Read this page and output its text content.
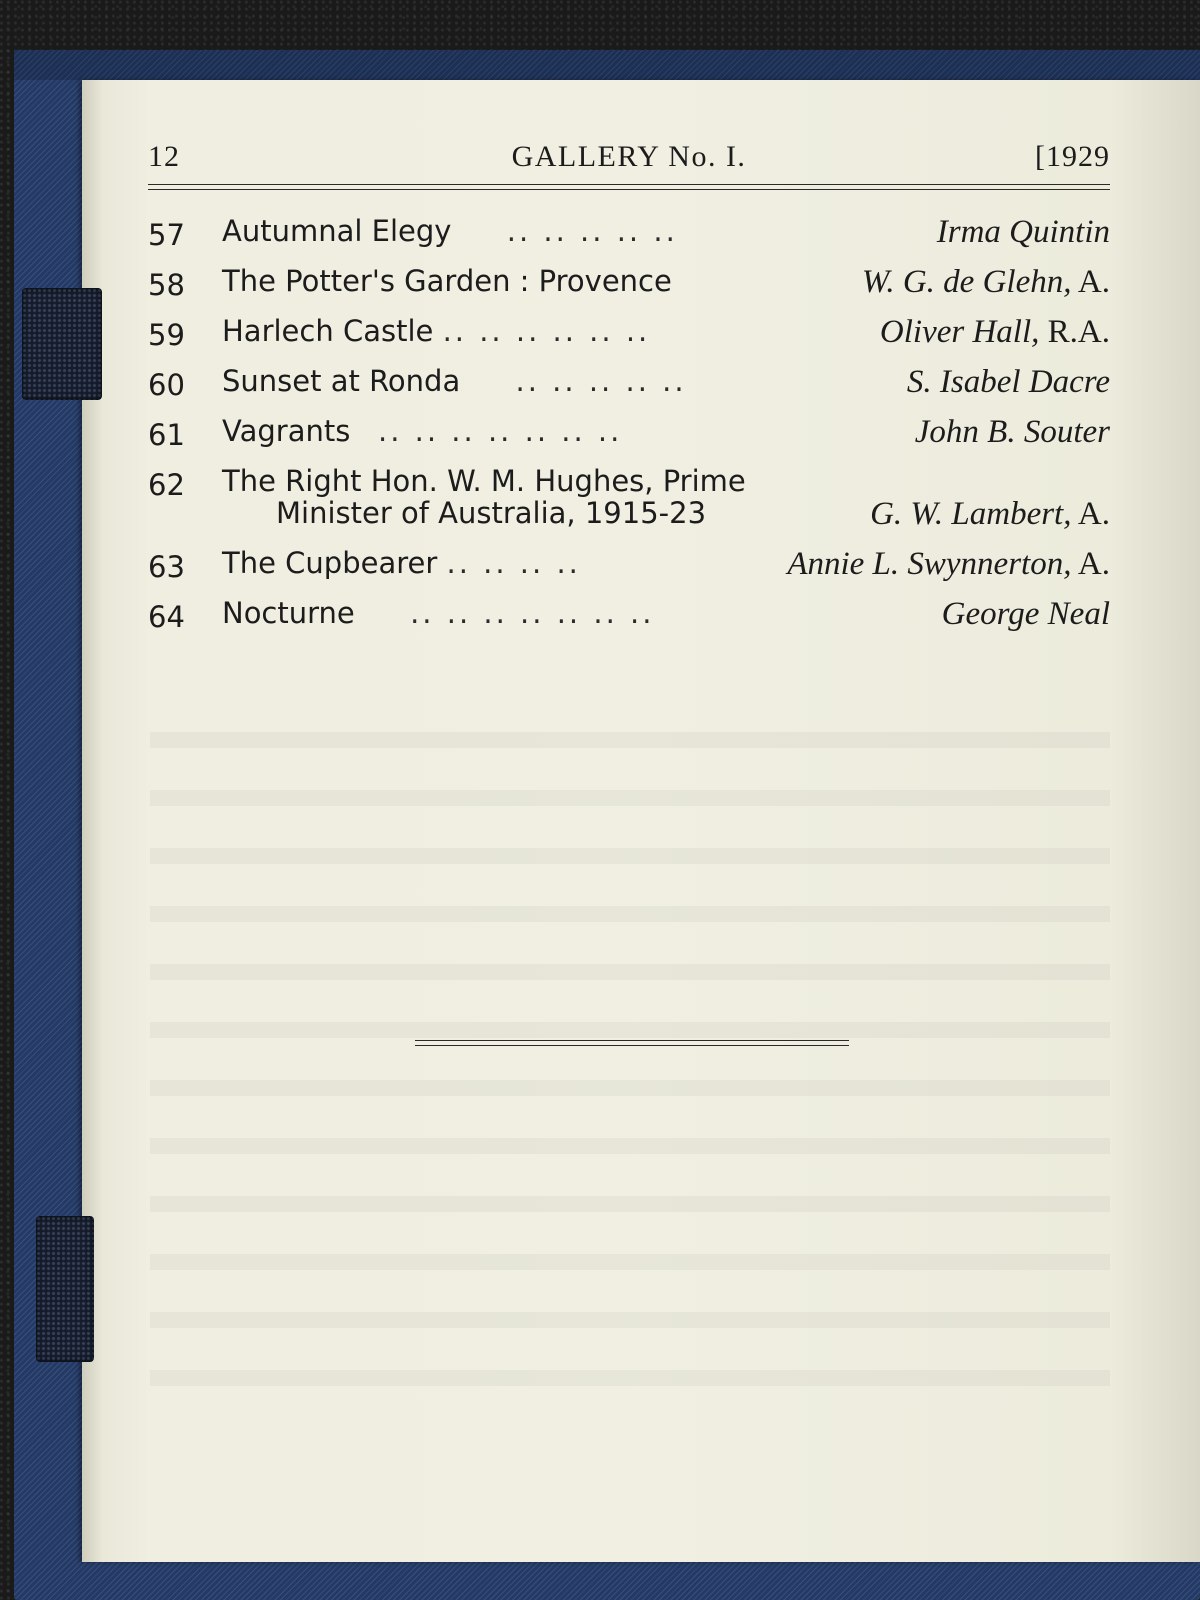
12	GALLERY No. I.	[1929
57 Autumnal Elegy .. .. .. .. ..	Irma Quintin
58 The Potter's Garden : Provence	W. G. de Glehn, A.
59 Harlech Castle .. .. .. .. .. ..	Oliver Hall, R.A.
60 Sunset at Ronda .. .. .. .. ..	S. Isabel Dacre
61 Vagrants .. .. .. .. .. .. ..	John B. Souter
62 The Right Hon. W. M. Hughes, Prime
Minister of Australia, 1915-23	G. W. Lambert, A.
63 The Cupbearer .. .. .. ..	Annie L. Swynnerton, A.
64 Nocturne .. .. .. .. .. .. ..	George Neal
